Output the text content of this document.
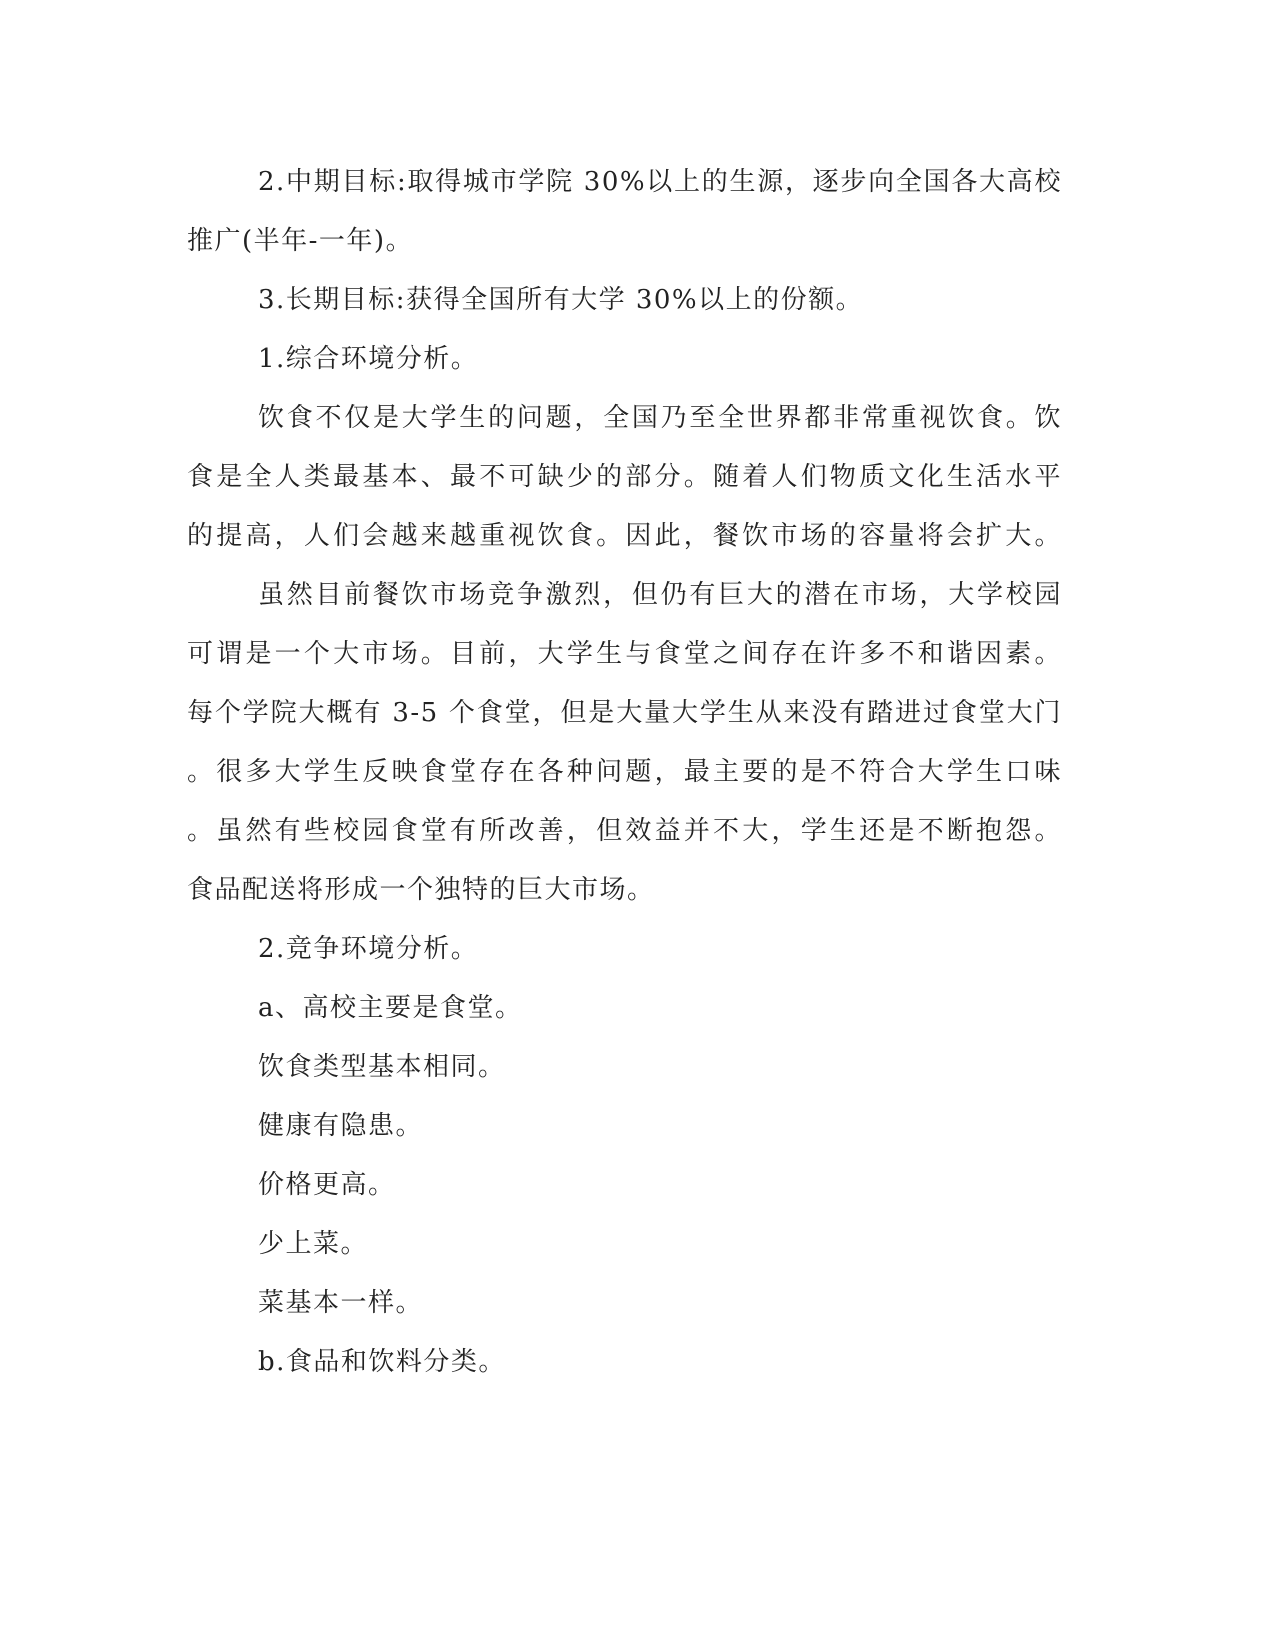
2.中期目标:取得城市学院 30%以上的生源，逐步向全国各大高校
推广(半年-一年)。
3.长期目标:获得全国所有大学 30%以上的份额。
1.综合环境分析。
饮食不仅是大学生的问题，全国乃至全世界都非常重视饮食。饮
食是全人类最基本、最不可缺少的部分。随着人们物质文化生活水平
的提高，人们会越来越重视饮食。因此，餐饮市场的容量将会扩大。
虽然目前餐饮市场竞争激烈，但仍有巨大的潜在市场，大学校园
可谓是一个大市场。目前，大学生与食堂之间存在许多不和谐因素。
每个学院大概有 3-5 个食堂，但是大量大学生从来没有踏进过食堂大门
。很多大学生反映食堂存在各种问题，最主要的是不符合大学生口味
。虽然有些校园食堂有所改善，但效益并不大，学生还是不断抱怨。
食品配送将形成一个独特的巨大市场。
2.竞争环境分析。
a、高校主要是食堂。
饮食类型基本相同。
健康有隐患。
价格更高。
少上菜。
菜基本一样。
b.食品和饮料分类。
